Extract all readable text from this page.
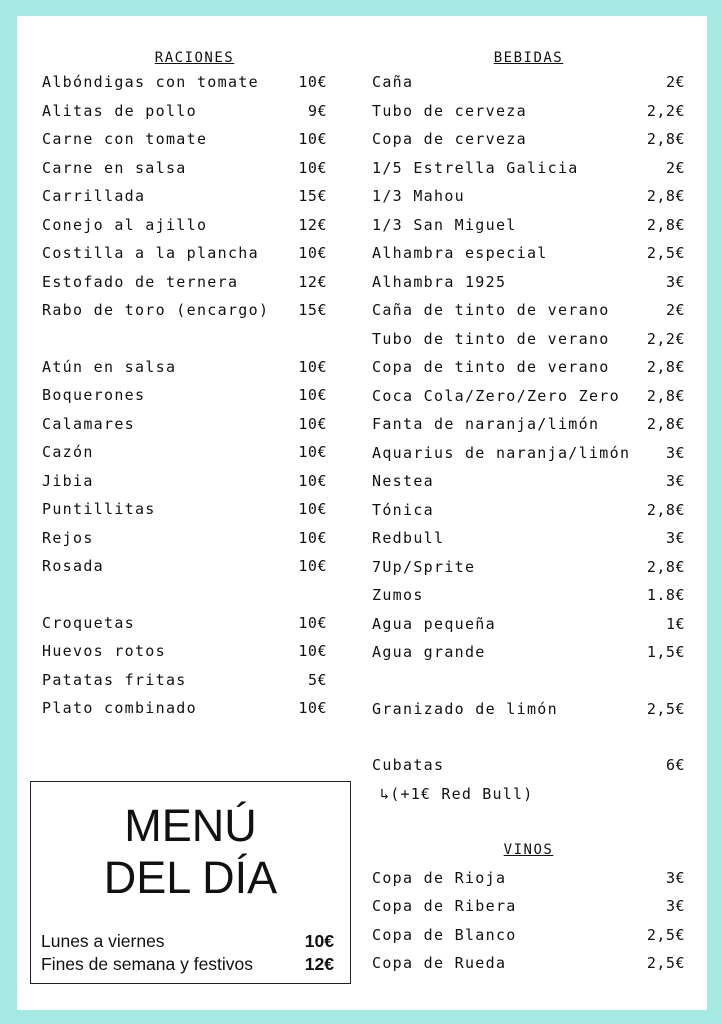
RACIONES
Albóndigas con tomate	10€
Alitas de pollo	9€
Carne con tomate	10€
Carne en salsa	10€
Carrillada	15€
Conejo al ajillo	12€
Costilla a la plancha	10€
Estofado de ternera	12€
Rabo de toro (encargo) 15€
Atún en salsa	10€
Boquerones	10€
Calamares	10€
Cazón	10€
Jibia	10€
Puntillitas	10€
Rejos	10€
Rosada	10€
Croquetas	10€
Huevos rotos	10€
Patatas fritas	5€
Plato combinado	10€
BEBIDAS
Caña	2€
Tubo de cerveza	2,2€
Copa de cerveza	2,8€
1/5 Estrella Galicia	2€
1/3 Mahou	2,8€
1/3 San Miguel	2,8€
Alhambra especial	2,5€
Alhambra 1925	3€
Caña de tinto de verano	2€
Tubo de tinto de verano 2,2€
Copa de tinto de verano 2,8€
Coca Cola/Zero/Zero Zero 2,8€
Fanta de naranja/limón	2,8€
Aquarius de naranja/limón 3€
Nestea	3€
Tónica	2,8€
Redbull	3€
7Up/Sprite	2,8€
Zumos	1.8€
Agua pequeña	1€
Agua grande	1,5€
Granizado de limón	2,5€
Cubatas	6€
↳(+1€ Red Bull)
VINOS
Copa de Rioja	3€
Copa de Ribera	3€
Copa de Blanco	2,5€
Copa de Rueda	2,5€
MENÚ
DEL DÍA
Lunes a viernes	10€
Fines de semana y festivos	12€
